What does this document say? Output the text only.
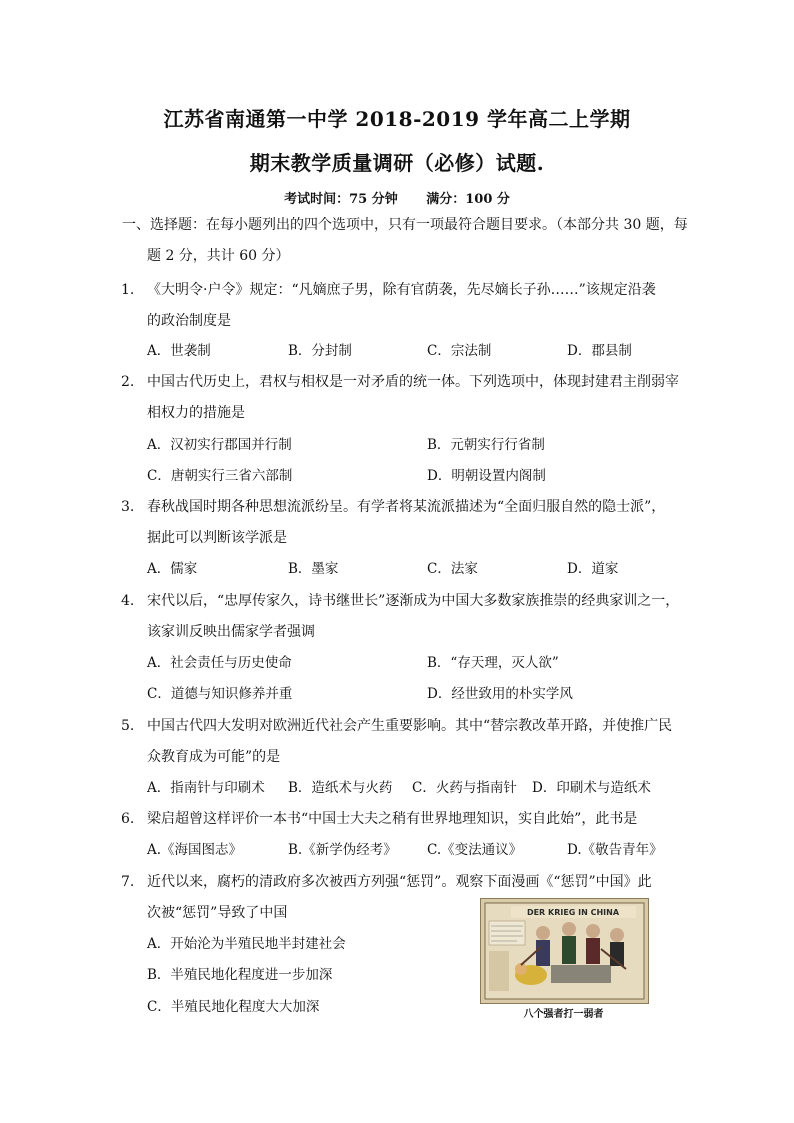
江苏省南通第一中学 2018-2019 学年高二上学期
期末教学质量调研（必修）试题.
考试时间：75 分钟 满分：100 分
一、选择题：在每小题列出的四个选项中，只有一项最符合题目要求。（本部分共 30 题，每
题 2 分，共计 60 分）
1. 《大明令·户令》规定：“凡嫡庶子男，除有官荫袭，先尽嫡长子孙……”该规定沿袭
的政治制度是
A．世袭制	B．分封制	C．宗法制	D．郡县制
2. 中国古代历史上，君权与相权是一对矛盾的统一体。下列选项中，体现封建君主削弱宰
相权力的措施是
A．汉初实行郡国并行制	B．元朝实行行省制
C．唐朝实行三省六部制	D．明朝设置内阁制
3. 春秋战国时期各种思想流派纷呈。有学者将某流派描述为“全面归服自然的隐士派”，
据此可以判断该学派是
A．儒家	B．墨家	C．法家	D．道家
4. 宋代以后，“忠厚传家久，诗书继世长”逐渐成为中国大多数家族推崇的经典家训之一，
该家训反映出儒家学者强调
A．社会责任与历史使命	B．“存天理，灭人欲”
C．道德与知识修养并重	D．经世致用的朴实学风
5. 中国古代四大发明对欧洲近代社会产生重要影响。其中“替宗教改革开路，并使推广民
众教育成为可能”的是
A．指南针与印刷术 B．造纸术与火药 C．火药与指南针 D．印刷术与造纸术
6. 梁启超曾这样评价一本书“中国士大夫之稍有世界地理知识，实自此始”，此书是
A.《海国图志》	B.《新学伪经考》 C.《变法通议》	D.《敬告青年》
7. 近代以来，腐朽的清政府多次被西方列强“惩罚”。观察下面漫画《“惩罚”中国》此
次被“惩罚”导致了中国
A．开始沦为半殖民地半封建社会
B．半殖民地化程度进一步加深
C．半殖民地化程度大大加深
DER KRIEG IN CHINA
八个强者打一弱者
